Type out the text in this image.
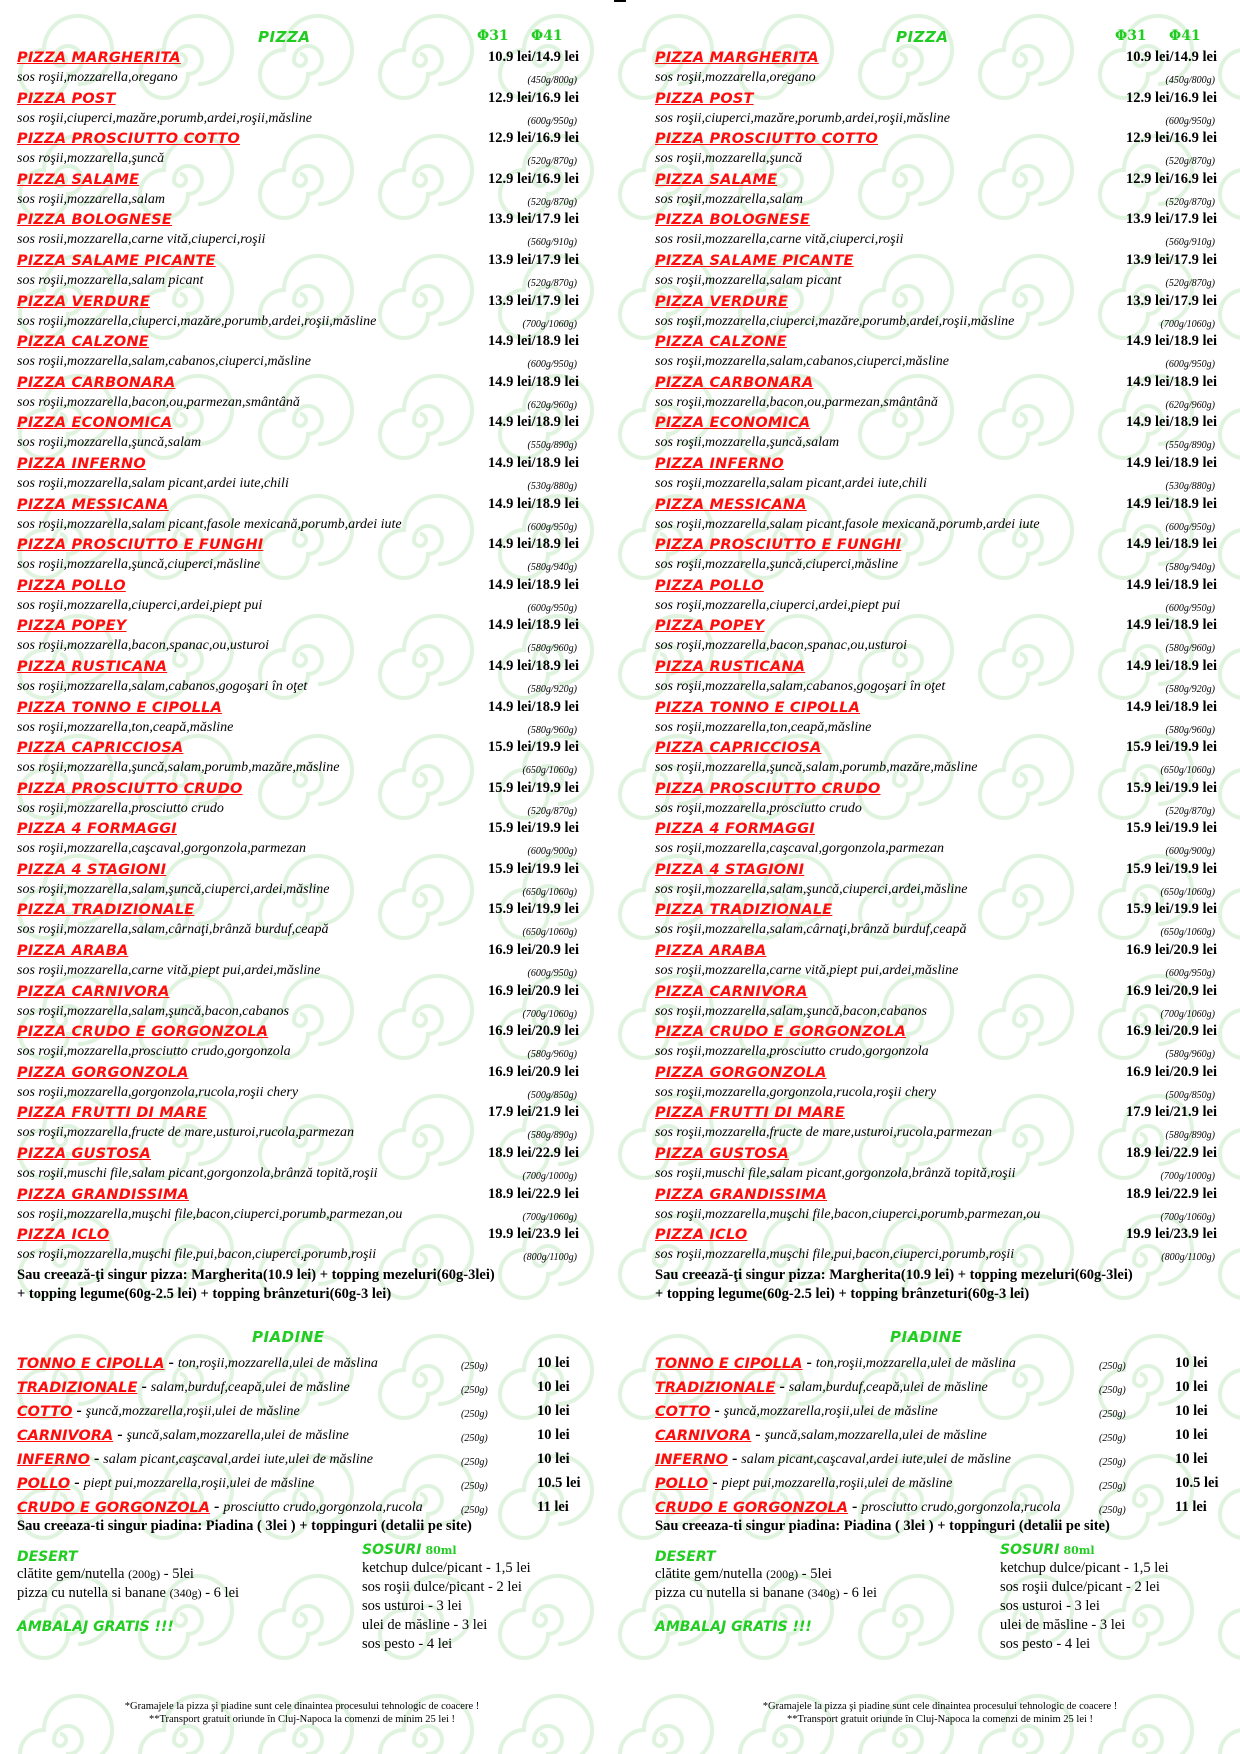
PIZZA	Φ31 Φ41
PIZZA MARGHERITA	10.9 lei/14.9 lei
sos roşii,mozzarella,oregano	(450g/800g)
PIZZA POST	12.9 lei/16.9 lei
sos roşii,ciuperci,mazăre,porumb,ardei,roşii,măsline	(600g/950g)
PIZZA PROSCIUTTO COTTO	12.9 lei/16.9 lei
sos roşii,mozzarella,şuncă	(520g/870g)
PIZZA SALAME	12.9 lei/16.9 lei
sos roşii,mozzarella,salam	(520g/870g)
PIZZA BOLOGNESE	13.9 lei/17.9 lei
sos rosii,mozzarella,carne vită,ciuperci,roşii	(560g/910g)
PIZZA SALAME PICANTE	13.9 lei/17.9 lei
sos roşii,mozzarella,salam picant	(520g/870g)
PIZZA VERDURE	13.9 lei/17.9 lei
sos roşii,mozzarella,ciuperci,mazăre,porumb,ardei,roşii,măsline	(700g/1060g)
PIZZA CALZONE	14.9 lei/18.9 lei
sos roşii,mozzarella,salam,cabanos,ciuperci,măsline	(600g/950g)
PIZZA CARBONARA	14.9 lei/18.9 lei
sos roşii,mozzarella,bacon,ou,parmezan,smântână	(620g/960g)
PIZZA ECONOMICA	14.9 lei/18.9 lei
sos roşii,mozzarella,şuncă,salam	(550g/890g)
PIZZA INFERNO	14.9 lei/18.9 lei
sos roşii,mozzarella,salam picant,ardei iute,chili	(530g/880g)
PIZZA MESSICANA	14.9 lei/18.9 lei
sos roşii,mozzarella,salam picant,fasole mexicană,porumb,ardei iute	(600g/950g)
PIZZA PROSCIUTTO E FUNGHI	14.9 lei/18.9 lei
sos roşii,mozzarella,şuncă,ciuperci,măsline	(580g/940g)
PIZZA POLLO	14.9 lei/18.9 lei
sos roşii,mozzarella,ciuperci,ardei,piept pui	(600g/950g)
PIZZA POPEY	14.9 lei/18.9 lei
sos roşii,mozzarella,bacon,spanac,ou,usturoi	(580g/960g)
PIZZA RUSTICANA	14.9 lei/18.9 lei
sos roşii,mozzarella,salam,cabanos,gogoşari în oţet	(580g/920g)
PIZZA TONNO E CIPOLLA	14.9 lei/18.9 lei
sos roşii,mozzarella,ton,ceapă,măsline	(580g/960g)
PIZZA CAPRICCIOSA	15.9 lei/19.9 lei
sos roşii,mozzarella,şuncă,salam,porumb,mazăre,măsline	(650g/1060g)
PIZZA PROSCIUTTO CRUDO	15.9 lei/19.9 lei
sos roşii,mozzarella,prosciutto crudo	(520g/870g)
PIZZA 4 FORMAGGI	15.9 lei/19.9 lei
sos roşii,mozzarella,caşcaval,gorgonzola,parmezan	(600g/900g)
PIZZA 4 STAGIONI	15.9 lei/19.9 lei
sos roşii,mozzarella,salam,şuncă,ciuperci,ardei,măsline	(650g/1060g)
PIZZA TRADIZIONALE	15.9 lei/19.9 lei
sos roşii,mozzarella,salam,cârnaţi,brânză burduf,ceapă	(650g/1060g)
PIZZA ARABA	16.9 lei/20.9 lei
sos roşii,mozzarella,carne vită,piept pui,ardei,măsline	(600g/950g)
PIZZA CARNIVORA	16.9 lei/20.9 lei
sos roşii,mozzarella,salam,şuncă,bacon,cabanos	(700g/1060g)
PIZZA CRUDO E GORGONZOLA	16.9 lei/20.9 lei
sos roşii,mozzarella,prosciutto crudo,gorgonzola	(580g/960g)
PIZZA GORGONZOLA	16.9 lei/20.9 lei
sos roşii,mozzarella,gorgonzola,rucola,roşii chery	(500g/850g)
PIZZA FRUTTI DI MARE	17.9 lei/21.9 lei
sos roşii,mozzarella,fructe de mare,usturoi,rucola,parmezan	(580g/890g)
PIZZA GUSTOSA	18.9 lei/22.9 lei
sos roşii,muschi file,salam picant,gorgonzola,brânză topită,roşii	(700g/1000g)
PIZZA GRANDISSIMA	18.9 lei/22.9 lei
sos roşii,mozzarella,muşchi file,bacon,ciuperci,porumb,parmezan,ou	(700g/1060g)
PIZZA ICLO	19.9 lei/23.9 lei
sos roşii,mozzarella,muşchi file,pui,bacon,ciuperci,porumb,roşii	(800g/1100g)
Sau creează-ţi singur pizza: Margherita(10.9 lei) + topping mezeluri(60g-3lei)
+ topping legume(60g-2.5 lei) + topping brânzeturi(60g-3 lei)
PIADINE
TONNO E CIPOLLA - ton,roşii,mozzarella,ulei de măslina	(250g)	10 lei
TRADIZIONALE - salam,burduf,ceapă,ulei de măsline	(250g)	10 lei
COTTO - şuncă,mozzarella,roşii,ulei de măsline	(250g)	10 lei
CARNIVORA - şuncă,salam,mozzarella,ulei de măsline	(250g)	10 lei
INFERNO - salam picant,caşcaval,ardei iute,ulei de măsline	(250g)	10 lei
POLLO - piept pui,mozzarella,roşii,ulei de măsline	(250g)	10.5 lei
CRUDO E GORGONZOLA - prosciutto crudo,gorgonzola,rucola	(250g)	11 lei
Sau creeaza-ti singur piadina: Piadina ( 3lei ) + toppinguri (detalii pe site)
DESERT
clătite gem/nutella (200g) - 5lei
pizza cu nutella si banane (340g) - 6 lei
AMBALAJ GRATIS !!!
SOSURI 80ml
ketchup dulce/picant - 1,5 lei
sos roşii dulce/picant - 2 lei
sos usturoi - 3 lei
ulei de măsline - 3 lei
sos pesto - 4 lei
PIZZA	Φ31 Φ41
PIZZA MARGHERITA	10.9 lei/14.9 lei
sos roşii,mozzarella,oregano	(450g/800g)
PIZZA POST	12.9 lei/16.9 lei
sos roşii,ciuperci,mazăre,porumb,ardei,roşii,măsline	(600g/950g)
PIZZA PROSCIUTTO COTTO	12.9 lei/16.9 lei
sos roşii,mozzarella,şuncă	(520g/870g)
PIZZA SALAME	12.9 lei/16.9 lei
sos roşii,mozzarella,salam	(520g/870g)
PIZZA BOLOGNESE	13.9 lei/17.9 lei
sos rosii,mozzarella,carne vită,ciuperci,roşii	(560g/910g)
PIZZA SALAME PICANTE	13.9 lei/17.9 lei
sos roşii,mozzarella,salam picant	(520g/870g)
PIZZA VERDURE	13.9 lei/17.9 lei
sos roşii,mozzarella,ciuperci,mazăre,porumb,ardei,roşii,măsline	(700g/1060g)
PIZZA CALZONE	14.9 lei/18.9 lei
sos roşii,mozzarella,salam,cabanos,ciuperci,măsline	(600g/950g)
PIZZA CARBONARA	14.9 lei/18.9 lei
sos roşii,mozzarella,bacon,ou,parmezan,smântână	(620g/960g)
PIZZA ECONOMICA	14.9 lei/18.9 lei
sos roşii,mozzarella,şuncă,salam	(550g/890g)
PIZZA INFERNO	14.9 lei/18.9 lei
sos roşii,mozzarella,salam picant,ardei iute,chili	(530g/880g)
PIZZA MESSICANA	14.9 lei/18.9 lei
sos roşii,mozzarella,salam picant,fasole mexicană,porumb,ardei iute	(600g/950g)
PIZZA PROSCIUTTO E FUNGHI	14.9 lei/18.9 lei
sos roşii,mozzarella,şuncă,ciuperci,măsline	(580g/940g)
PIZZA POLLO	14.9 lei/18.9 lei
sos roşii,mozzarella,ciuperci,ardei,piept pui	(600g/950g)
PIZZA POPEY	14.9 lei/18.9 lei
sos roşii,mozzarella,bacon,spanac,ou,usturoi	(580g/960g)
PIZZA RUSTICANA	14.9 lei/18.9 lei
sos roşii,mozzarella,salam,cabanos,gogoşari în oţet	(580g/920g)
PIZZA TONNO E CIPOLLA	14.9 lei/18.9 lei
sos roşii,mozzarella,ton,ceapă,măsline	(580g/960g)
PIZZA CAPRICCIOSA	15.9 lei/19.9 lei
sos roşii,mozzarella,şuncă,salam,porumb,mazăre,măsline	(650g/1060g)
PIZZA PROSCIUTTO CRUDO	15.9 lei/19.9 lei
sos roşii,mozzarella,prosciutto crudo	(520g/870g)
PIZZA 4 FORMAGGI	15.9 lei/19.9 lei
sos roşii,mozzarella,caşcaval,gorgonzola,parmezan	(600g/900g)
PIZZA 4 STAGIONI	15.9 lei/19.9 lei
sos roşii,mozzarella,salam,şuncă,ciuperci,ardei,măsline	(650g/1060g)
PIZZA TRADIZIONALE	15.9 lei/19.9 lei
sos roşii,mozzarella,salam,cârnaţi,brânză burduf,ceapă	(650g/1060g)
PIZZA ARABA	16.9 lei/20.9 lei
sos roşii,mozzarella,carne vită,piept pui,ardei,măsline	(600g/950g)
PIZZA CARNIVORA	16.9 lei/20.9 lei
sos roşii,mozzarella,salam,şuncă,bacon,cabanos	(700g/1060g)
PIZZA CRUDO E GORGONZOLA	16.9 lei/20.9 lei
sos roşii,mozzarella,prosciutto crudo,gorgonzola	(580g/960g)
PIZZA GORGONZOLA	16.9 lei/20.9 lei
sos roşii,mozzarella,gorgonzola,rucola,roşii chery	(500g/850g)
PIZZA FRUTTI DI MARE	17.9 lei/21.9 lei
sos roşii,mozzarella,fructe de mare,usturoi,rucola,parmezan	(580g/890g)
PIZZA GUSTOSA	18.9 lei/22.9 lei
sos roşii,muschi file,salam picant,gorgonzola,brânză topită,roşii	(700g/1000g)
PIZZA GRANDISSIMA	18.9 lei/22.9 lei
sos roşii,mozzarella,muşchi file,bacon,ciuperci,porumb,parmezan,ou	(700g/1060g)
PIZZA ICLO	19.9 lei/23.9 lei
sos roşii,mozzarella,muşchi file,pui,bacon,ciuperci,porumb,roşii	(800g/1100g)
Sau creează-ţi singur pizza: Margherita(10.9 lei) + topping mezeluri(60g-3lei)
+ topping legume(60g-2.5 lei) + topping brânzeturi(60g-3 lei)
PIADINE
TONNO E CIPOLLA - ton,roşii,mozzarella,ulei de măslina	(250g)	10 lei
TRADIZIONALE - salam,burduf,ceapă,ulei de măsline	(250g)	10 lei
COTTO - şuncă,mozzarella,roşii,ulei de măsline	(250g)	10 lei
CARNIVORA - şuncă,salam,mozzarella,ulei de măsline	(250g)	10 lei
INFERNO - salam picant,caşcaval,ardei iute,ulei de măsline	(250g)	10 lei
POLLO - piept pui,mozzarella,roşii,ulei de măsline	(250g)	10.5 lei
CRUDO E GORGONZOLA - prosciutto crudo,gorgonzola,rucola	(250g)	11 lei
Sau creeaza-ti singur piadina: Piadina ( 3lei ) + toppinguri (detalii pe site)
DESERT
clătite gem/nutella (200g) - 5lei
pizza cu nutella si banane (340g) - 6 lei
AMBALAJ GRATIS !!!
SOSURI 80ml
ketchup dulce/picant - 1,5 lei
sos roşii dulce/picant - 2 lei
sos usturoi - 3 lei
ulei de măsline - 3 lei
sos pesto - 4 lei
*Gramajele la pizza şi piadine sunt cele dinaintea procesului tehnologic de coacere !
**Transport gratuit oriunde în Cluj-Napoca la comenzi de minim 25 lei !
*Gramajele la pizza şi piadine sunt cele dinaintea procesului tehnologic de coacere !
**Transport gratuit oriunde în Cluj-Napoca la comenzi de minim 25 lei !
